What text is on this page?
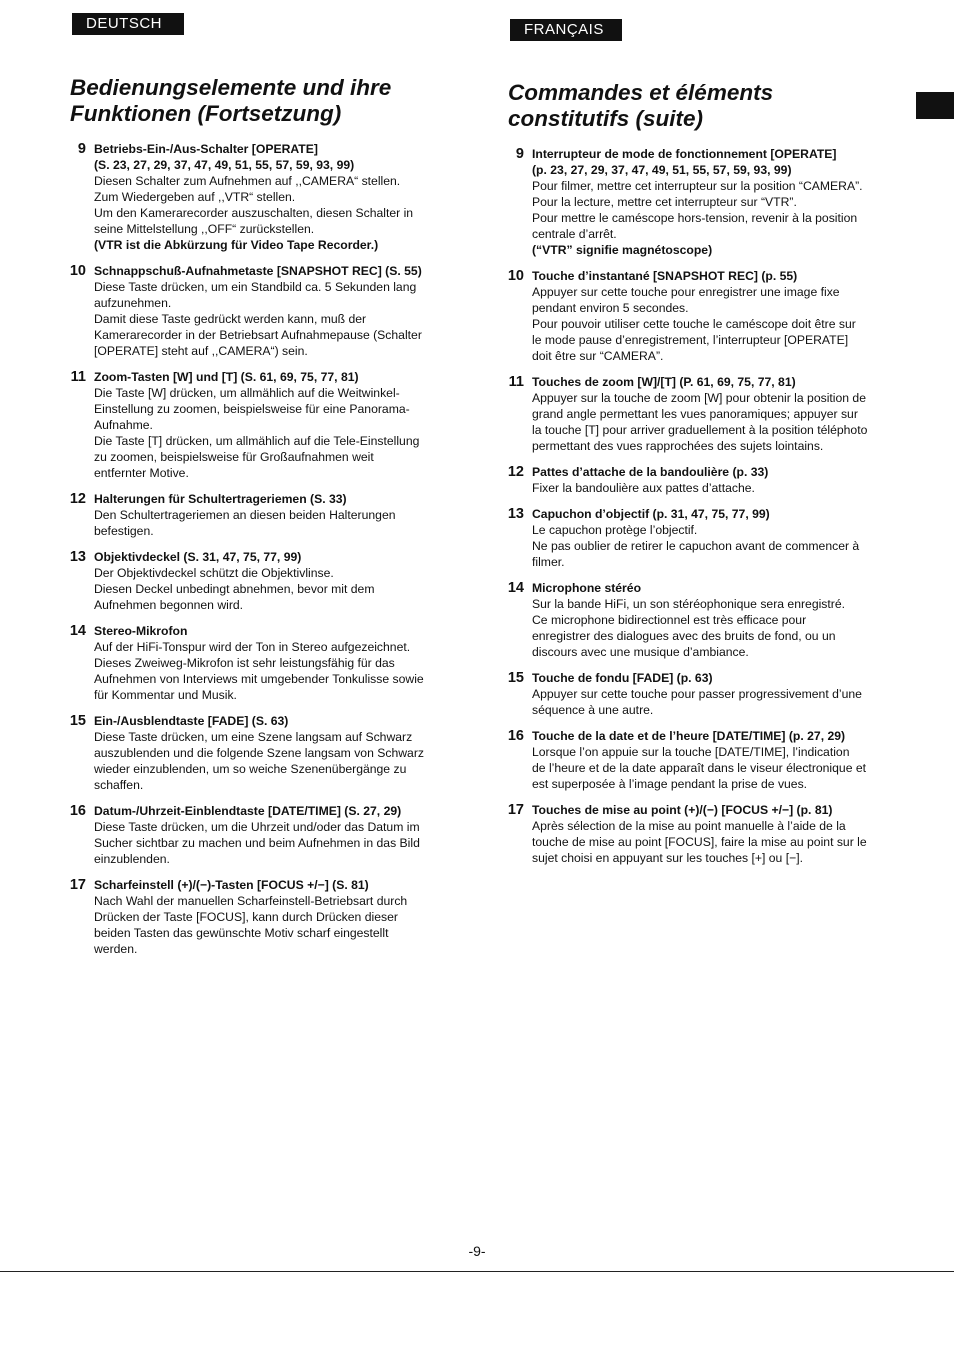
DEUTSCH	FRANÇAIS
Bedienungselemente und ihre
Funktionen (Fortsetzung)
9 Betriebs-Ein-/Aus-Schalter [OPERATE]
(S. 23, 27, 29, 37, 47, 49, 51, 55, 57, 59, 93, 99)
Diesen Schalter zum Aufnehmen auf ,,CAMERA“ stellen.
Zum Wiedergeben auf ,,VTR“ stellen.
Um den Kamerarecorder auszuschalten, diesen Schalter in
seine Mittelstellung ,,OFF“ zurückstellen.
(VTR ist die Abkürzung für Video Tape Recorder.)
10 Schnappschuß-Aufnahmetaste [SNAPSHOT REC] (S. 55)
Diese Taste drücken, um ein Standbild ca. 5 Sekunden lang
aufzunehmen.
Damit diese Taste gedrückt werden kann, muß der
Kamerarecorder in der Betriebsart Aufnahmepause (Schalter
[OPERATE] steht auf ,,CAMERA“) sein.
11 Zoom-Tasten [W] und [T] (S. 61, 69, 75, 77, 81)
Die Taste [W] drücken, um allmählich auf die Weitwinkel-
Einstellung zu zoomen, beispielsweise für eine Panorama-
Aufnahme.
Die Taste [T] drücken, um allmählich auf die Tele-Einstellung
zu zoomen, beispielsweise für Großaufnahmen weit
entfernter Motive.
12 Halterungen für Schultertrageriemen (S. 33)
Den Schultertrageriemen an diesen beiden Halterungen
befestigen.
13 Objektivdeckel (S. 31, 47, 75, 77, 99)
Der Objektivdeckel schützt die Objektivlinse.
Diesen Deckel unbedingt abnehmen, bevor mit dem
Aufnehmen begonnen wird.
14 Stereo-Mikrofon
Auf der HiFi-Tonspur wird der Ton in Stereo aufgezeichnet.
Dieses Zweiweg-Mikrofon ist sehr leistungsfähig für das
Aufnehmen von Interviews mit umgebender Tonkulisse sowie
für Kommentar und Musik.
15 Ein-/Ausblendtaste [FADE] (S. 63)
Diese Taste drücken, um eine Szene langsam auf Schwarz
auszublenden und die folgende Szene langsam von Schwarz
wieder einzublenden, um so weiche Szenenübergänge zu
schaffen.
16 Datum-/Uhrzeit-Einblendtaste [DATE/TIME] (S. 27, 29)
Diese Taste drücken, um die Uhrzeit und/oder das Datum im
Sucher sichtbar zu machen und beim Aufnehmen in das Bild
einzublenden.
17 Scharfeinstell (+)/(−)-Tasten [FOCUS +/−] (S. 81)
Nach Wahl der manuellen Scharfeinstell-Betriebsart durch
Drücken der Taste [FOCUS], kann durch Drücken dieser
beiden Tasten das gewünschte Motiv scharf eingestellt
werden.
Commandes et éléments
constitutifs (suite)
9 Interrupteur de mode de fonctionnement [OPERATE]
(p. 23, 27, 29, 37, 47, 49, 51, 55, 57, 59, 93, 99)
Pour filmer, mettre cet interrupteur sur la position “CAMERA”.
Pour la lecture, mettre cet interrupteur sur “VTR”.
Pour mettre le caméscope hors-tension, revenir à la position
centrale d’arrêt.
(“VTR” signifie magnétoscope)
10 Touche d’instantané [SNAPSHOT REC] (p. 55)
Appuyer sur cette touche pour enregistrer une image fixe
pendant environ 5 secondes.
Pour pouvoir utiliser cette touche le caméscope doit être sur
le mode pause d’enregistrement, l’interrupteur [OPERATE]
doit être sur “CAMERA”.
11 Touches de zoom [W]/[T] (P. 61, 69, 75, 77, 81)
Appuyer sur la touche de zoom [W] pour obtenir la position de
grand angle permettant les vues panoramiques; appuyer sur
la touche [T] pour arriver graduellement à la position téléphoto
permettant des vues rapprochées des sujets lointains.
12 Pattes d’attache de la bandoulière (p. 33)
Fixer la bandoulière aux pattes d’attache.
13 Capuchon d’objectif (p. 31, 47, 75, 77, 99)
Le capuchon protège l’objectif.
Ne pas oublier de retirer le capuchon avant de commencer à
filmer.
14 Microphone stéréo
Sur la bande HiFi, un son stéréophonique sera enregistré.
Ce microphone bidirectionnel est très efficace pour
enregistrer des dialogues avec des bruits de fond, ou un
discours avec une musique d’ambiance.
15 Touche de fondu [FADE] (p. 63)
Appuyer sur cette touche pour passer progressivement d’une
séquence à une autre.
16 Touche de la date et de l’heure [DATE/TIME] (p. 27, 29)
Lorsque l’on appuie sur la touche [DATE/TIME], l’indication
de l’heure et de la date apparaît dans le viseur électronique et
est superposée à l’image pendant la prise de vues.
17 Touches de mise au point (+)/(−) [FOCUS +/−] (p. 81)
Après sélection de la mise au point manuelle à l’aide de la
touche de mise au point [FOCUS], faire la mise au point sur le
sujet choisi en appuyant sur les touches [+] ou [−].
-9-
